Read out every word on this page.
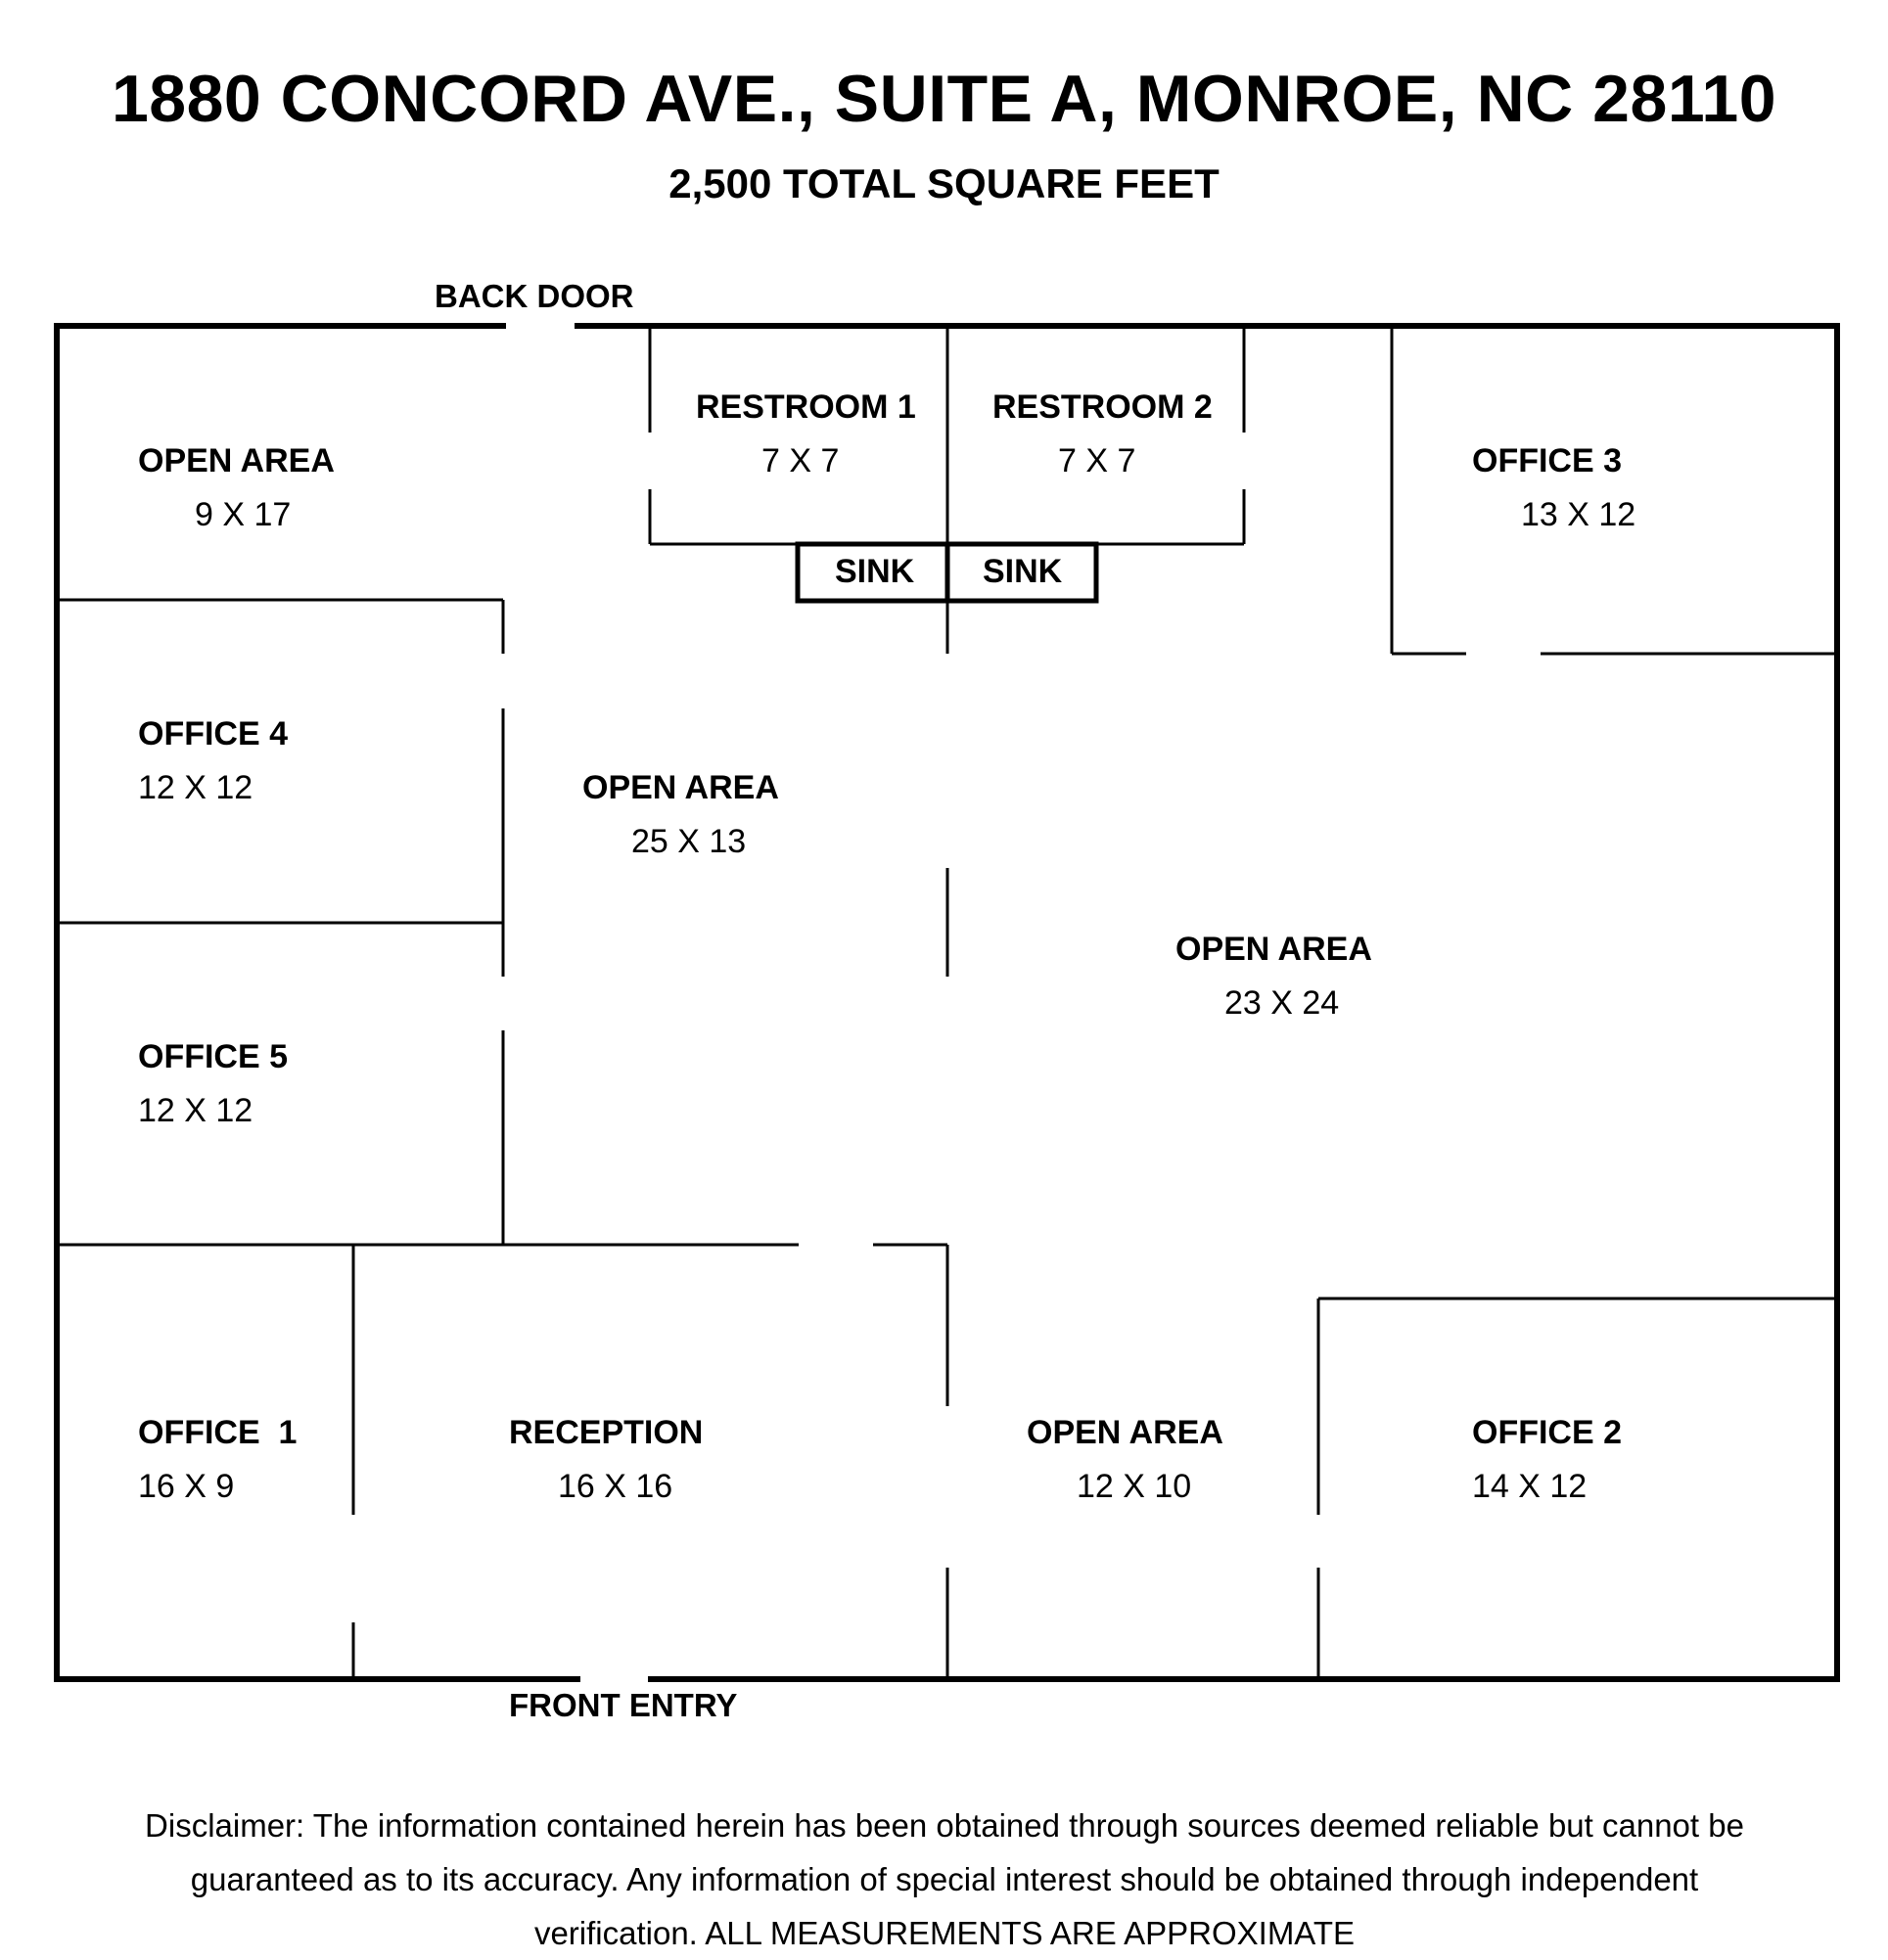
1880 CONCORD AVE., SUITE A, MONROE, NC 28110
2,500 TOTAL SQUARE FEET
BACK DOOR
FRONT ENTRY
SINK SINK
OPEN AREA
9 X 17
RESTROOM 1
7 X 7
RESTROOM 2
7 X 7	OFFICE 3
13 X 12
OFFICE 4
12 X 12	OPEN AREA
25 X 13
OPEN AREA
23 X 24
OFFICE 5
12 X 12
OFFICE  1
16 X 9
RECEPTION
16 X 16
OPEN AREA
12 X 10
OFFICE 2
14 X 12
Disclaimer: The information contained herein has been obtained through sources deemed reliable but cannot be
guaranteed as to its accuracy. Any information of special interest should be obtained through independent
verification. ALL MEASUREMENTS ARE APPROXIMATE
